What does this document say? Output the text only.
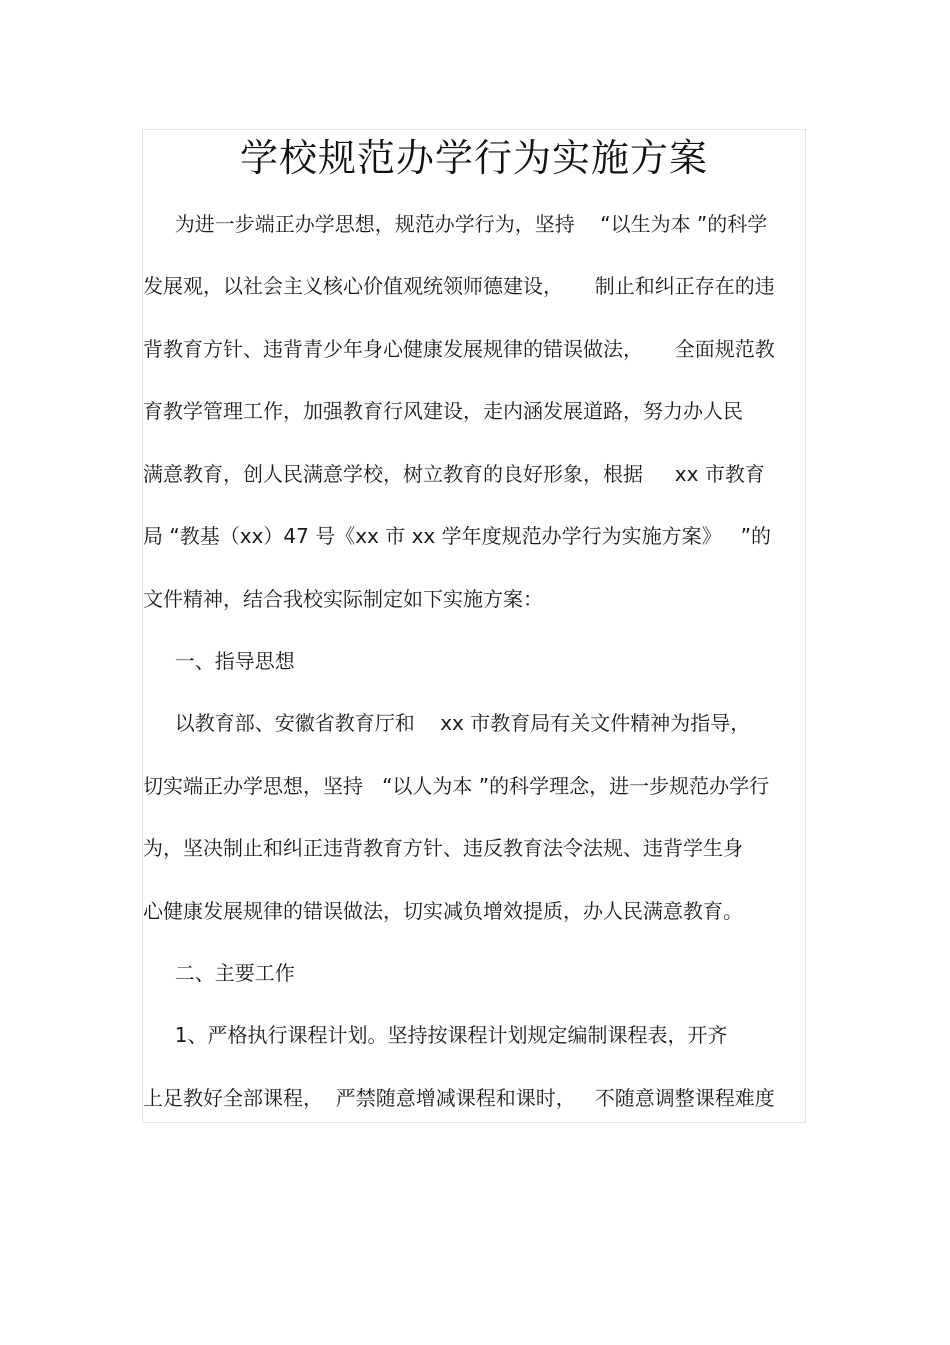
学校规范办学行为实施方案
为进一步端正办学思想，规范办学行为，坚持    “以生为本 ”的科学
发展观，以社会主义核心价值观统领师德建设，     制止和纠正存在的违
背教育方针、违背青少年身心健康发展规律的错误做法，     全面规范教
育教学管理工作，加强教育行风建设，走内涵发展道路，努力办人民
满意教育，创人民满意学校，树立教育的良好形象，根据     xx 市教育
局 “教基（xx）47 号《xx 市 xx 学年度规范办学行为实施方案》   ”的
文件精神，结合我校实际制定如下实施方案：
一、指导思想
以教育部、安徽省教育厅和    xx 市教育局有关文件精神为指导，
切实端正办学思想，坚持   “以人为本 ”的科学理念，进一步规范办学行
为，坚决制止和纠正违背教育方针、违反教育法令法规、违背学生身
心健康发展规律的错误做法，切实减负增效提质，办人民满意教育。
二、主要工作
1、严格执行课程计划。坚持按课程计划规定编制课程表，开齐
上足教好全部课程，  严禁随意增减课程和课时，   不随意调整课程难度
